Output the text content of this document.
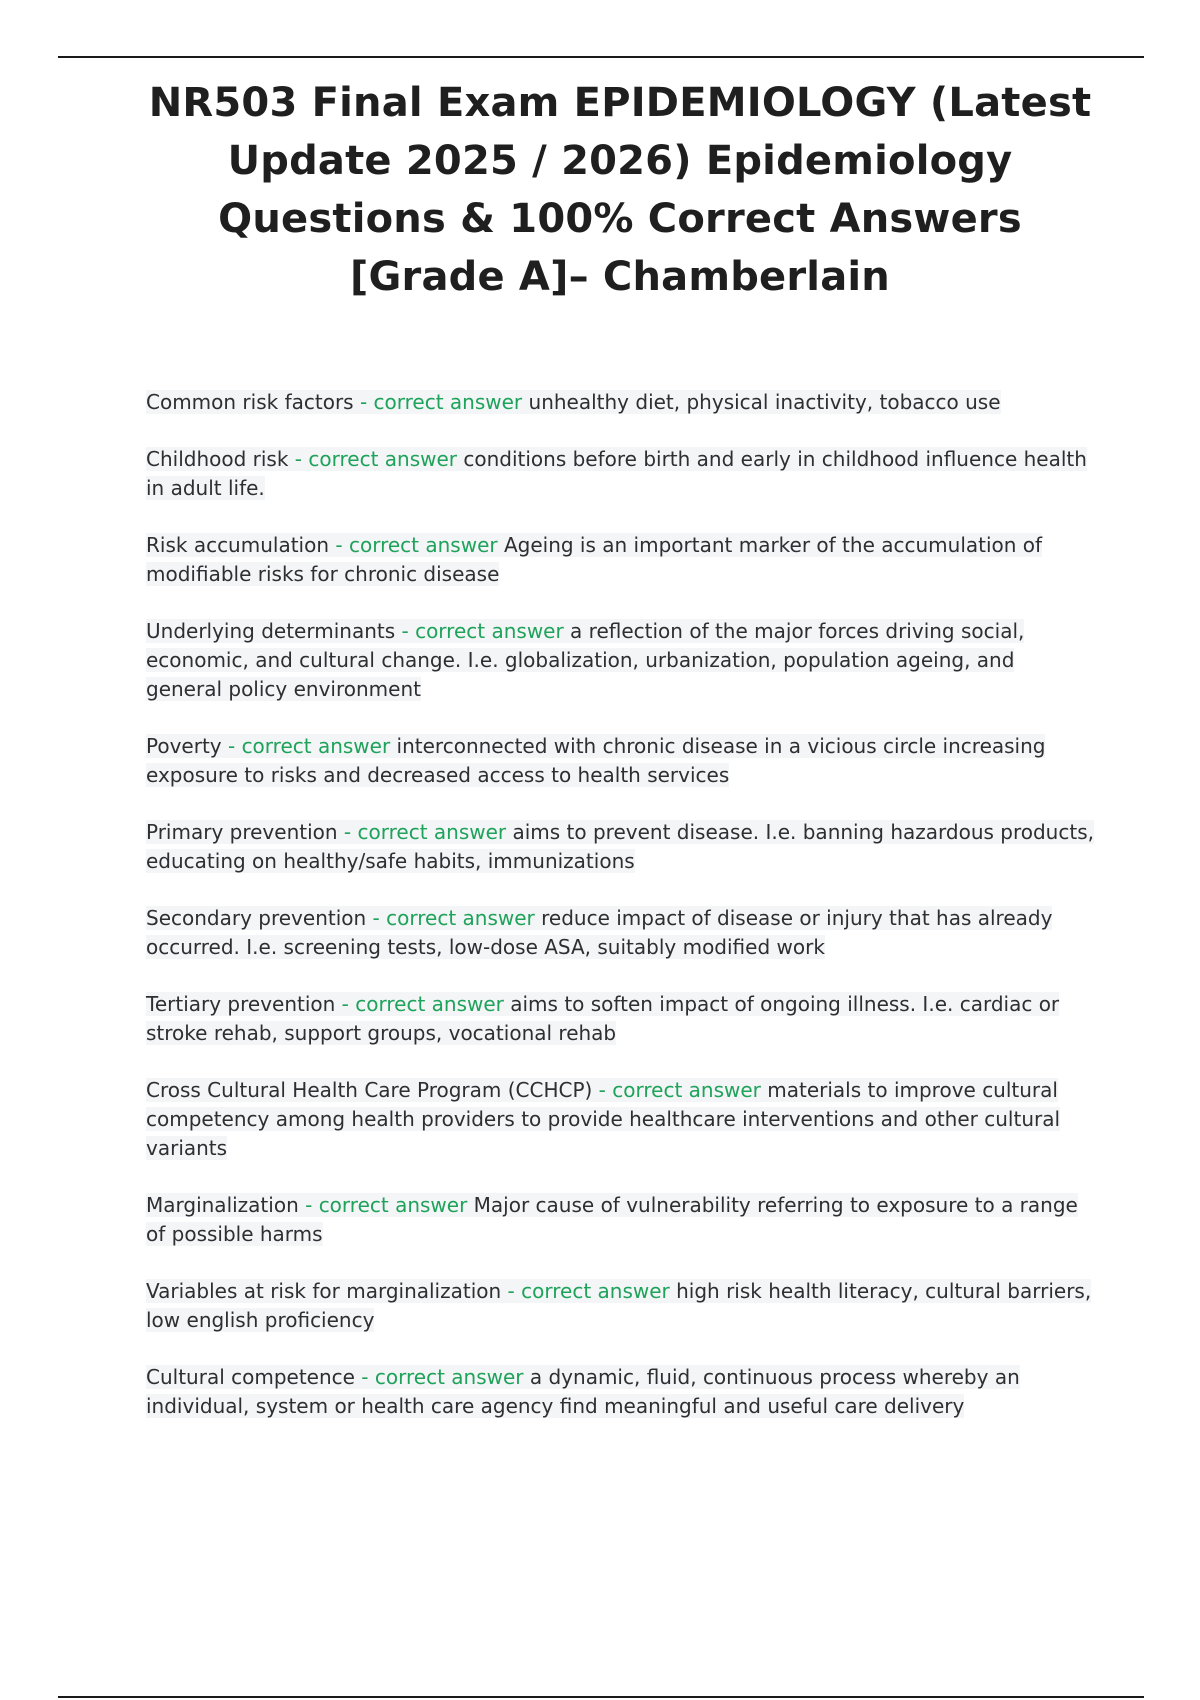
NR503 Final Exam EPIDEMIOLOGY (Latest Update 2025 / 2026) Epidemiology Questions & 100% Correct Answers [Grade A]– Chamberlain

Common risk factors - correct answer unhealthy diet, physical inactivity, tobacco use

Childhood risk - correct answer conditions before birth and early in childhood influence health in adult life.

Risk accumulation - correct answer Ageing is an important marker of the accumulation of modifiable risks for chronic disease

Underlying determinants - correct answer a reflection of the major forces driving social, economic, and cultural change. I.e. globalization, urbanization, population ageing, and general policy environment

Poverty - correct answer interconnected with chronic disease in a vicious circle increasing exposure to risks and decreased access to health services

Primary prevention - correct answer aims to prevent disease. I.e. banning hazardous products, educating on healthy/safe habits, immunizations

Secondary prevention - correct answer reduce impact of disease or injury that has already occurred. I.e. screening tests, low-dose ASA, suitably modified work

Tertiary prevention - correct answer aims to soften impact of ongoing illness. I.e. cardiac or stroke rehab, support groups, vocational rehab

Cross Cultural Health Care Program (CCHCP) - correct answer materials to improve cultural competency among health providers to provide healthcare interventions and other cultural variants

Marginalization - correct answer Major cause of vulnerability referring to exposure to a range of possible harms

Variables at risk for marginalization - correct answer high risk health literacy, cultural barriers, low english proficiency

Cultural competence - correct answer a dynamic, fluid, continuous process whereby an individual, system or health care agency find meaningful and useful care delivery
